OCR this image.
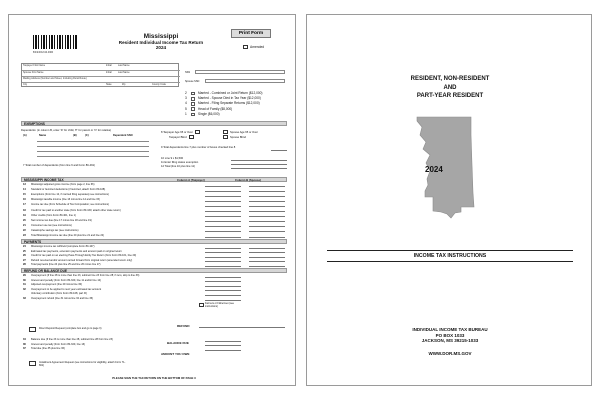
80100241000
Mississippi
Resident Individual Income Tax Return
2024
Print Form
Amended
Taxpayer First Name	Initial	Last Name
Spouse First Name	Initial	Last Name
Mailing Address (Number and Street, Including Rural Route)
City	State	Zip	County Code
SSN
Spouse SSN
2	Married - Combined or Joint Return ($12,000)
3	Married - Spouse Died in Tax Year ($12,000)
4	Married - Filing Separate Returns ($12,000)
5	Head of Family ($8,000)
1	Single ($6,000)
EXEMPTIONS
Dependents: (in column B, enter 'D' for child, 'P' for parent or 'O' for relative)
(A)	Name	(B)	(C)	Dependent SSN
7 Total number of dependents (from line 6 and Form 80-491)
8 Taxpayer Age 65 or Over	Spouse Age 65 or Over
Taxpayer Blind	Spouse Blind
9 Total dependents line 7 plus number of boxes checked line 8
10 Line 9 x $1,500
11 Enter filing status exemption
12 Total (line 10 plus line 11)
MISSISSIPPI INCOME TAX	Column A (Taxpayer)	Column B (Spouse)
13 Mississippi adjusted gross income (from page 2, line 66)
14 Standard or Itemized deductions (if itemized, attach Form 80-108)
15 Exemptions (from line 12, if married filing separately see instructions)
16 Mississippi taxable income (line 13 minus line 14 and line 15)
17 Income tax due (from Schedule of Tax Computation; see instructions)
18 Credit for tax paid to another state (from Form 80-160; attach other state return)
19 Other credits (from Form 80-401, line 1)
20 Net income tax due (line 17 minus line 18 and line 19)
21 Consumer use tax (see instructions)
22 Catastrophe savings tax (see instructions)
23 Total Mississippi income tax due (line 20 plus line 21 and line 22)
PAYMENTS
24 Mississippi income tax withheld (complete Form 80-107)
25 Estimated tax payments, extension payments and amount paid on original return
26 Credit for tax paid on an electing Pass-Through Entity Tax Return (from Form 80-161, line 20)
27 Refund received and/or amount carried forward from original return (amended return only)
28 Total payments (line 24 plus line 25 and line 26 minus line 27)
REFUND OR BALANCE DUE
29 Overpayment (If line 28 is more than line 23, subtract line 23 from line 28; if zero, skip to line 33)
30 Interest and penalty (from Form 80-320, line 11 and/or line 12)
31 Adjusted overpayment (line 29 minus line 30)
32 Overpayment to be applied to next year estimated tax account
Voluntary contribution (from Form 80-108, part III)
33 Overpayment refund (line 31 minus line 32 and line 33)
Farmers or Fishermen (see instructions)
Direct Deposit Request (complete box and go to page 3)
REFUND
34 Balance due (If line 23 is more than line 28, subtract line 28 from line 23)
36 Interest and penalty (from Form 80-320, line 13)
37 Total due (line 35 plus line 36)
BALANCE DUE
AMOUNT YOU OWE
Installment Agreement Request (see instructions for eligibility, attach Form 71-661)
PLEASE SIGN THE TAX RETURN ON THE BOTTOM OF PAGE 3
RESIDENT, NON-RESIDENT
AND
PART-YEAR RESIDENT
2024
INCOME TAX INSTRUCTIONS
INDIVIDUAL INCOME TAX BUREAU
PO BOX 1033
JACKSON, MS 39215-1033
WWW.DOR.MS.GOV
